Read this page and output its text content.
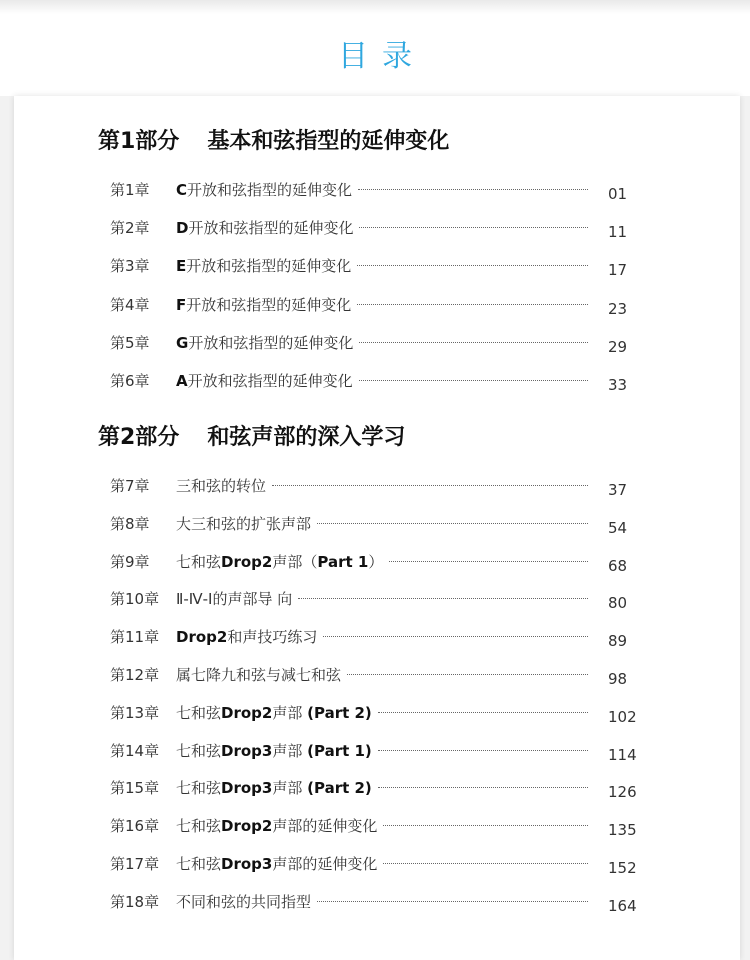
目录
第1部分 基本和弦指型的延伸变化
第1章 C开放和弦指型的延伸变化	01
第2章 D开放和弦指型的延伸变化	11
第3章 E开放和弦指型的延伸变化	17
第4章 F开放和弦指型的延伸变化	23
第5章 G开放和弦指型的延伸变化	29
第6章 A开放和弦指型的延伸变化	33
第2部分 和弦声部的深入学习
第7章 三和弦的转位	37
第8章 大三和弦的扩张声部	54
第9章 七和弦Drop2声部（Part 1）	68
第10章 Ⅱ-Ⅳ-Ⅰ的声部导 向	80
第11章 Drop2和声技巧练习	89
第12章 属七降九和弦与减七和弦	98
第13章 七和弦Drop2声部 (Part 2)	102
第14章 七和弦Drop3声部 (Part 1)	114
第15章 七和弦Drop3声部 (Part 2)	126
第16章 七和弦Drop2声部的延伸变化	135
第17章 七和弦Drop3声部的延伸变化	152
第18章 不同和弦的共同指型	164
